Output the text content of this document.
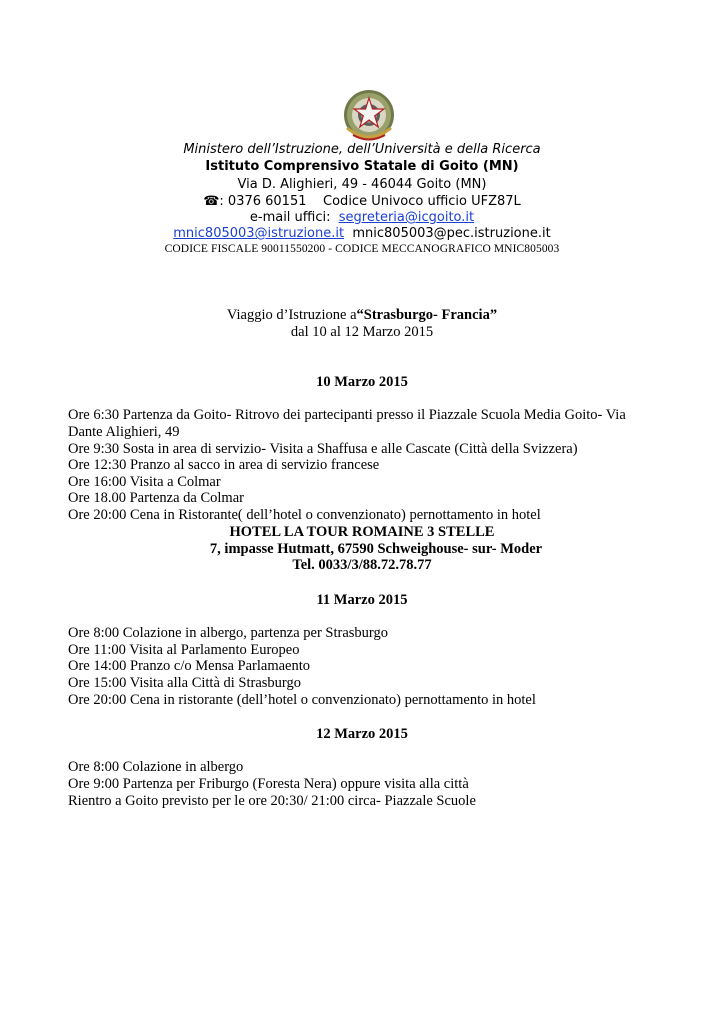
Ministero dell’Istruzione, dell’Università e della Ricerca
Istituto Comprensivo Statale di Goito (MN)
Via D. Alighieri, 49 - 46044 Goito (MN)
☎: 0376 60151 Codice Univoco ufficio UFZ87L
e-mail uffici: segreteria@icgoito.it
mnic805003@istruzione.it mnic805003@pec.istruzione.it
CODICE FISCALE 90011550200 - CODICE MECCANOGRAFICO MNIC805003
Viaggio d’Istruzione a“Strasburgo- Francia”
dal 10 al 12 Marzo 2015
10 Marzo 2015
Ore 6:30 Partenza da Goito- Ritrovo dei partecipanti presso il Piazzale Scuola Media Goito- Via
Dante Alighieri, 49
Ore 9:30 Sosta in area di servizio- Visita a Shaffusa e alle Cascate (Città della Svizzera)
Ore 12:30 Pranzo al sacco in area di servizio francese
Ore 16:00 Visita a Colmar
Ore 18.00 Partenza da Colmar
Ore 20:00 Cena in Ristorante( dell’hotel o convenzionato) pernottamento in hotel
HOTEL LA TOUR ROMAINE 3 STELLE
7, impasse Hutmatt, 67590 Schweighouse- sur- Moder
Tel. 0033/3/88.72.78.77
11 Marzo 2015
Ore 8:00 Colazione in albergo, partenza per Strasburgo
Ore 11:00 Visita al Parlamento Europeo
Ore 14:00 Pranzo c/o Mensa Parlamaento
Ore 15:00 Visita alla Città di Strasburgo
Ore 20:00 Cena in ristorante (dell’hotel o convenzionato) pernottamento in hotel
12 Marzo 2015
Ore 8:00 Colazione in albergo
Ore 9:00 Partenza per Friburgo (Foresta Nera) oppure visita alla città
Rientro a Goito previsto per le ore 20:30/ 21:00 circa- Piazzale Scuole
